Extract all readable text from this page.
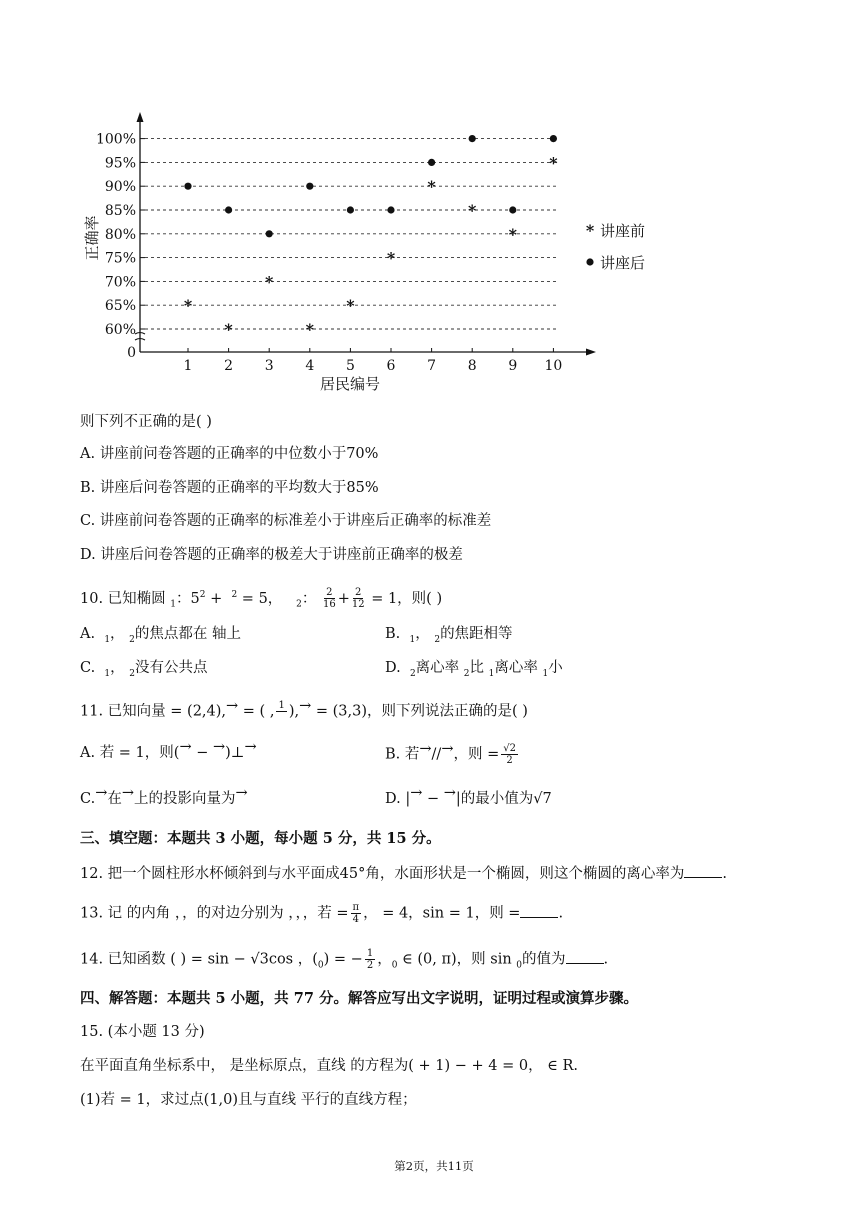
0
60%
65%
70%
75%
80%
85%
90%
95%
100%
1 2 3 4 5 6 7 8 9 10
居民编号
正确率
*
*
*
*
*
*
*
*
*
*
* 讲座前
讲座后
则下列不正确的是( )
A. 讲座前问卷答题的正确率的中位数小于70%
B. 讲座后问卷答题的正确率的平均数大于85%
C. 讲座前问卷答题的正确率的标准差小于讲座后正确率的标准差
D. 讲座后问卷答题的正确率的极差大于讲座前正确率的极差
10. 已知椭圆 $_1$：$5^2 + ^2 = 5$， $_2$： $\frac{2}{16} + \frac{2}{12} = 1$，则( )
A. $_1$， $_2$的焦点都在 轴上	B. $_1$， $_2$的焦距相等
C. $_1$， $_2$没有公共点	D. $_2$离心率 $_2$比 $_1$离心率 $_1$小
11. 已知向量 = (2,4),→ = ( , 1
),→ = (3,3)，则下列说法正确的是( )
A. 若 = 1，则(→ − →)⊥→	B. 若→//→，则 = $\frac{√2}{2}$
C.→在→上的投影向量为→	D. |→ − →|的最小值为√7
三、填空题：本题共 3 小题，每小题 5 分，共 15 分。
12. 把一个圆柱形水杯倾斜到与水平面成45°角，水面形状是一个椭圆，则这个椭圆的离心率为	.
13. 记 的内角 ，，的对边分别为 ，，，若 = $\frac{\pi}{4}$ ， = 4，sin = 1，则 =	.
14. 已知函数 ( ) = sin − √3cos ，$(_0)$ = − $\frac{1}{2}$ ，$_0$ ∈ (0, π)，则 sin $_0$的值为	.
四、解答题：本题共 5 小题，共 77 分。解答应写出文字说明，证明过程或演算步骤。
15. (本小题 13 分)
在平面直角坐标系中， 是坐标原点，直线 的方程为( + 1) − + 4 = 0， ∈ R.
(1)若 = 1，求过点(1,0)且与直线 平行的直线方程；
第2页，共11页
